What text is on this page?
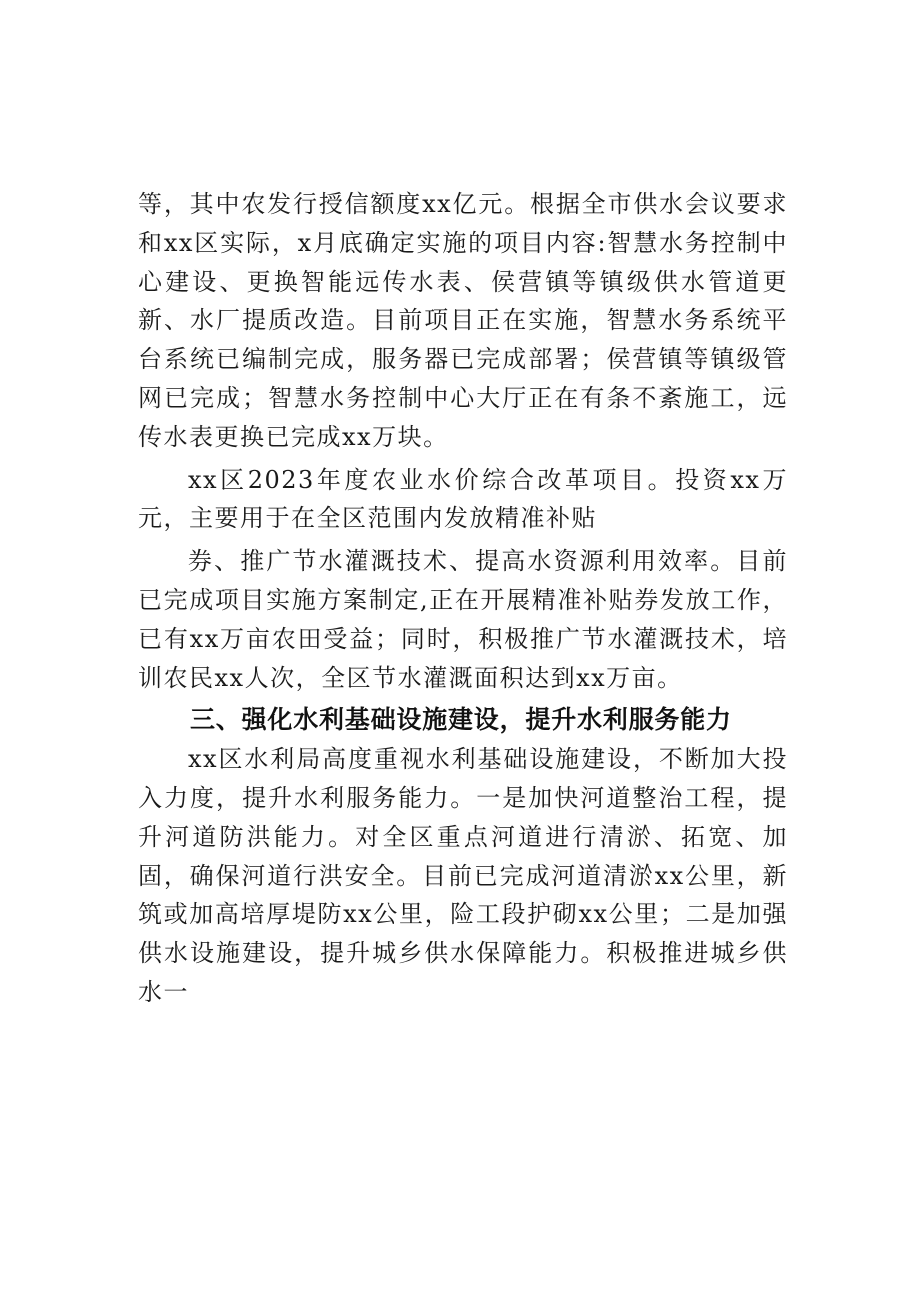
等，其中农发行授信额度xx亿元。根据全市供水会议要求和xx区实际，x月底确定实施的项目内容:智慧水务控制中心建设、更换智能远传水表、侯营镇等镇级供水管道更新、水厂提质改造。目前项目正在实施，智慧水务系统平台系统已编制完成，服务器已完成部署；侯营镇等镇级管网已完成；智慧水务控制中心大厅正在有条不紊施工，远传水表更换已完成xx万块。

xx区2023年度农业水价综合改革项目。投资xx万元，主要用于在全区范围内发放精准补贴

券、推广节水灌溉技术、提高水资源利用效率。目前已完成项目实施方案制定,正在开展精准补贴券发放工作，已有xx万亩农田受益；同时，积极推广节水灌溉技术，培训农民xx人次，全区节水灌溉面积达到xx万亩。

三、强化水利基础设施建设，提升水利服务能力

xx区水利局高度重视水利基础设施建设，不断加大投入力度，提升水利服务能力。一是加快河道整治工程，提升河道防洪能力。对全区重点河道进行清淤、拓宽、加固，确保河道行洪安全。目前已完成河道清淤xx公里，新筑或加高培厚堤防xx公里，险工段护砌xx公里；二是加强供水设施建设，提升城乡供水保障能力。积极推进城乡供水一
